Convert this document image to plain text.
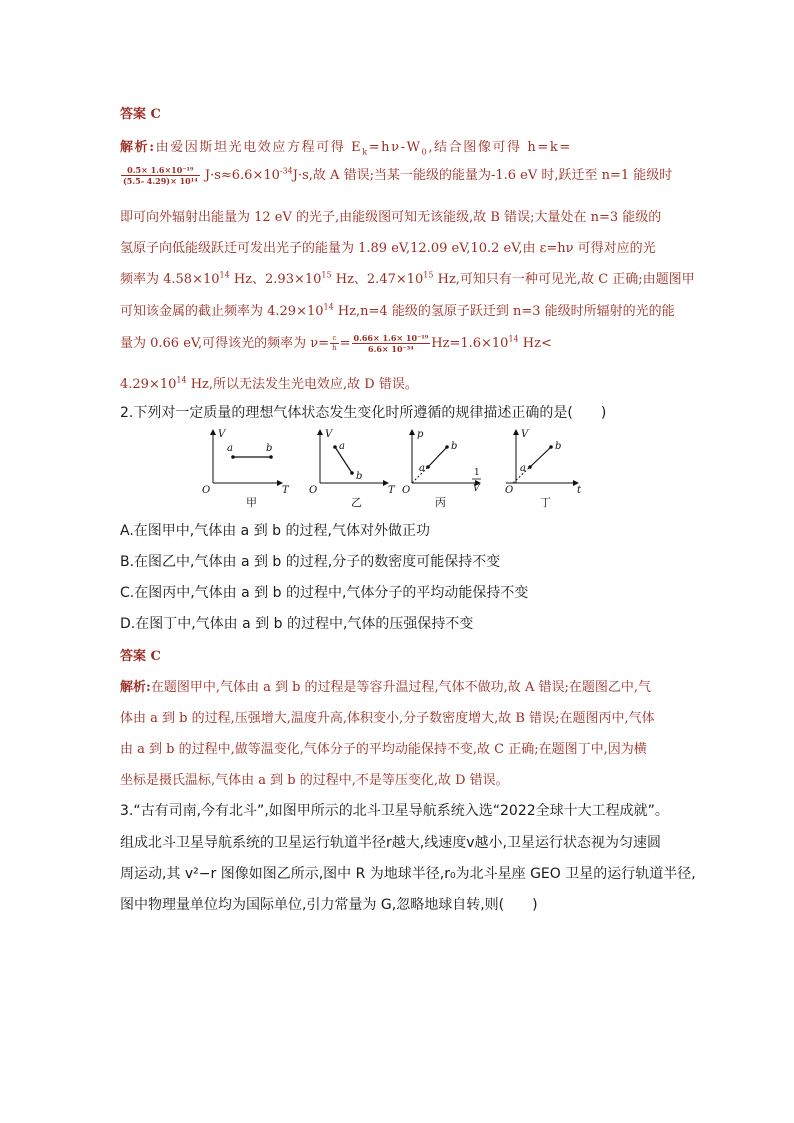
答案 C
解析:由爱因斯坦光电效应方程可得 $E_k=h\nu-W_0$,结合图像可得 h=k=
$\frac{\text{0.5× 1.6×10⁻¹⁹}}{\text{(5.5- 4.29)× 10¹⁴}} J\cdot s\approx 6.6\times 10^{-34}J\cdot s$,故 A 错误;当某一能级的能量为-1.6 eV 时,跃迁至 n=1 能级时
即可向外辐射出能量为 12 eV 的光子,由能级图可知无该能级,故 B 错误;大量处在 n=3 能级的
氢原子向低能级跃迁可发出光子的能量为 1.89 eV,12.09 eV,10.2 eV,由 ε=hν 可得对应的光
频率为 $4.58\times 10^{14}$ Hz、$2.93\times 10^{15}$ Hz、$2.47\times 10^{15}$ Hz,可知只有一种可见光,故 C 正确;由题图甲
可知该金属的截止频率为 $4.29\times 10^{14}$ Hz,n=4 能级的氢原子跃迁到 n=3 能级时所辐射的光的能
量为 0.66 eV,可得该光的频率为 $\nu= \frac{\varepsilon}{h} = \frac{\text{0.66× 1.6× 10⁻¹⁹}}{\text{6.6× 10⁻³⁴}} Hz=1.6\times 10^{14}$ Hz<
$4.29\times 10^{14}$ Hz,所以无法发生光电效应,故 D 错误。
2.下列对一定质量的理想气体状态发生变化时所遵循的规律描述正确的是(　　)
V
T
O
a	b
甲
V
T
O
a
b
乙
p
O
a
b
1
V
丙
V
t
O
a
b
丁
A.在图甲中,气体由 a 到 b 的过程,气体对外做正功
B.在图乙中,气体由 a 到 b 的过程,分子的数密度可能保持不变
C.在图丙中,气体由 a 到 b 的过程中,气体分子的平均动能保持不变
D.在图丁中,气体由 a 到 b 的过程中,气体的压强保持不变
答案 C
解析:在题图甲中,气体由 a 到 b 的过程是等容升温过程,气体不做功,故 A 错误;在题图乙中,气
体由 a 到 b 的过程,压强增大,温度升高,体积变小,分子数密度增大,故 B 错误;在题图丙中,气体
由 a 到 b 的过程中,做等温变化,气体分子的平均动能保持不变,故 C 正确;在题图丁中,因为横
坐标是摄氏温标,气体由 a 到 b 的过程中,不是等压变化,故 D 错误。
3.“古有司南,今有北斗”,如图甲所示的北斗卫星导航系统入选“2022全球十大工程成就”。
组成北斗卫星导航系统的卫星运行轨道半径r越大,线速度v越小,卫星运行状态视为匀速圆
周运动,其 v²−r 图像如图乙所示,图中 R 为地球半径,r₀为北斗星座 GEO 卫星的运行轨道半径,
图中物理量单位均为国际单位,引力常量为 G,忽略地球自转,则(　　)
